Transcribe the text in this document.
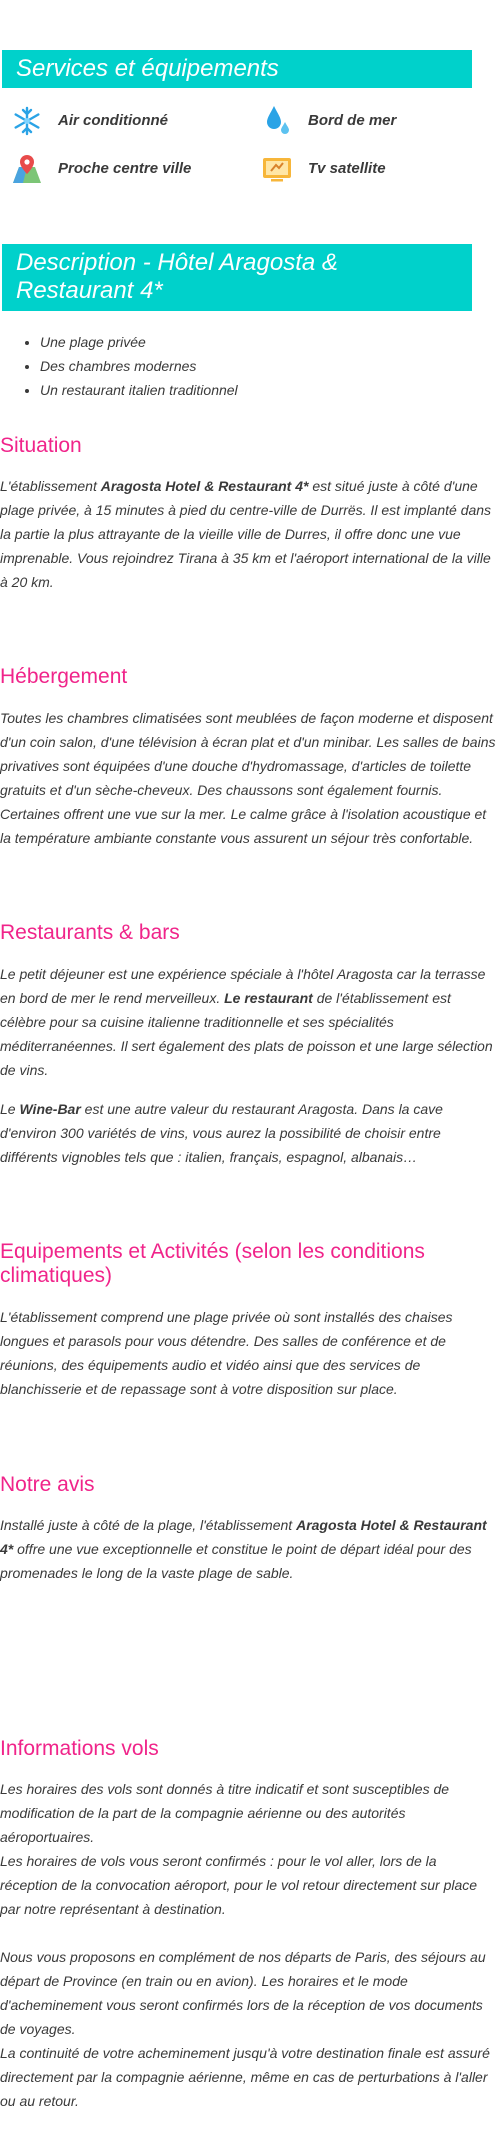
Services et équipements
Air conditionné	Bord de mer
Proche centre ville	Tv satellite
Description - Hôtel Aragosta & Restaurant 4*
• Une plage privée
• Des chambres modernes
• Un restaurant italien traditionnel
Situation

L'établissement Aragosta Hotel & Restaurant 4* est situé juste à côté d'une plage privée, à 15 minutes à pied du centre-ville de Durrës. Il est implanté dans la partie la plus attrayante de la vieille ville de Durres, il offre donc une vue imprenable. Vous rejoindrez Tirana à 35 km et l'aéroport international de la ville à 20 km.

Hébergement

Toutes les chambres climatisées sont meublées de façon moderne et disposent d'un coin salon, d'une télévision à écran plat et d'un minibar. Les salles de bains privatives sont équipées d'une douche d'hydromassage, d'articles de toilette gratuits et d'un sèche-cheveux. Des chaussons sont également fournis. Certaines offrent une vue sur la mer. Le calme grâce à l'isolation acoustique et la température ambiante constante vous assurent un séjour très confortable.

Restaurants & bars

Le petit déjeuner est une expérience spéciale à l'hôtel Aragosta car la terrasse en bord de mer le rend merveilleux. Le restaurant de l'établissement est célèbre pour sa cuisine italienne traditionnelle et ses spécialités méditerranéennes. Il sert également des plats de poisson et une large sélection de vins.

Le Wine-Bar est une autre valeur du restaurant Aragosta. Dans la cave d'environ 300 variétés de vins, vous aurez la possibilité de choisir entre différents vignobles tels que : italien, français, espagnol, albanais…

Equipements et Activités (selon les conditions climatiques)

L'établissement comprend une plage privée où sont installés des chaises longues et parasols pour vous détendre. Des salles de conférence et de réunions, des équipements audio et vidéo ainsi que des services de blanchisserie et de repassage sont à votre disposition sur place.

Notre avis

Installé juste à côté de la plage, l'établissement Aragosta Hotel & Restaurant 4* offre une vue exceptionnelle et constitue le point de départ idéal pour des promenades le long de la vaste plage de sable.

Informations vols

Les horaires des vols sont donnés à titre indicatif et sont susceptibles de modification de la part de la compagnie aérienne ou des autorités aéroportuaires.

Les horaires de vols vous seront confirmés : pour le vol aller, lors de la réception de la convocation aéroport, pour le vol retour directement sur place par notre représentant à destination.

Nous vous proposons en complément de nos départs de Paris, des séjours au départ de Province (en train ou en avion). Les horaires et le mode d'acheminement vous seront confirmés lors de la réception de vos documents de voyages.

La continuité de votre acheminement jusqu'à votre destination finale est assuré directement par la compagnie aérienne, même en cas de perturbations à l'aller ou au retour.
